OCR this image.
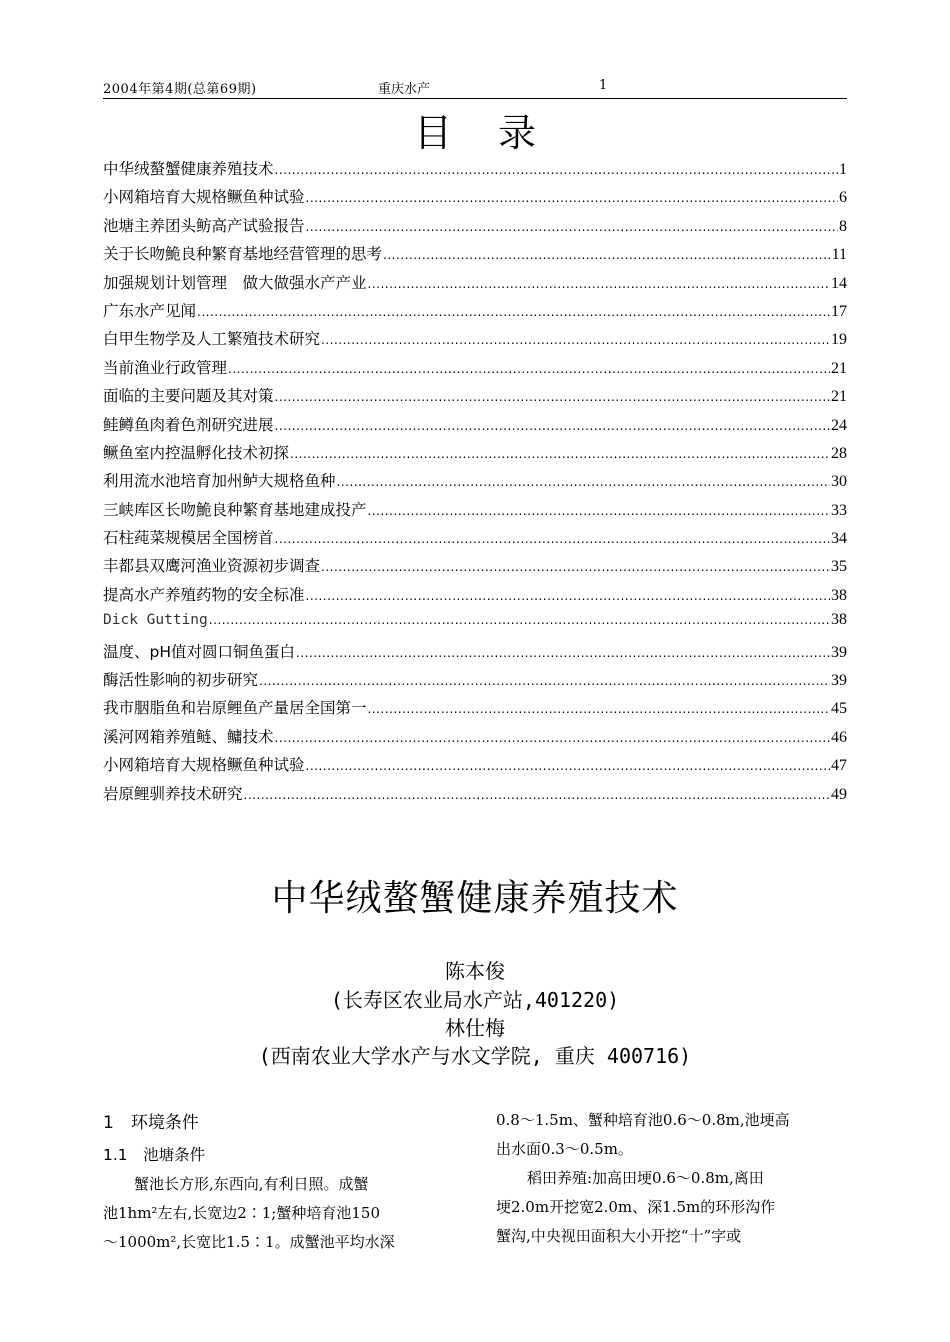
2004年第4期(总第69期)	重庆水产	1
目录
中华绒螯蟹健康养殖技术 .....	1
小网箱培育大规格鳜鱼种试验 .....	6
池塘主养团头鲂高产试验报告 .....	8
关于长吻鮠良种繁育基地经营管理的思考 .....	11
加强规划计划管理　做大做强水产产业 .....	14
广东水产见闻 .....	17
白甲生物学及人工繁殖技术研究 .....	19
当前渔业行政管理 .....	21
面临的主要问题及其对策 .....	21
鲑鳟鱼肉着色剂研究进展 .....	24
鳜鱼室内控温孵化技术初探 .....	28
利用流水池培育加州鲈大规格鱼种 .....	30
三峡库区长吻鮠良种繁育基地建成投产 .....	33
石柱莼菜规模居全国榜首 .....	34
丰都县双鹰河渔业资源初步调查 .....	35
提高水产养殖药物的安全标准 .....	38
Dick Gutting .....	38
温度、pH值对圆口铜鱼蛋白 .....	39
酶活性影响的初步研究 .....	39
我市胭脂鱼和岩原鲤鱼产量居全国第一 .....	45
溪河网箱养殖鲢、鳙技术 .....	46
小网箱培育大规格鳜鱼种试验 .....	47
岩原鲤驯养技术研究 .....	49
中华绒螯蟹健康养殖技术
陈本俊
(长寿区农业局水产站,401220)
林仕梅
(西南农业大学水产与水文学院, 重庆 400716)
1　环境条件
1.1　池塘条件
蟹池长方形,东西向,有利日照。成蟹
池1hm²左右,长宽边2∶1;蟹种培育池150
～1000m²,长宽比1.5∶1。成蟹池平均水深
0.8～1.5m、蟹种培育池0.6～0.8m,池埂高
出水面0.3～0.5m。
稻田养殖:加高田埂0.6～0.8m,离田
埂2.0m开挖宽2.0m、深1.5m的环形沟作
蟹沟,中央视田面积大小开挖“十”字或
